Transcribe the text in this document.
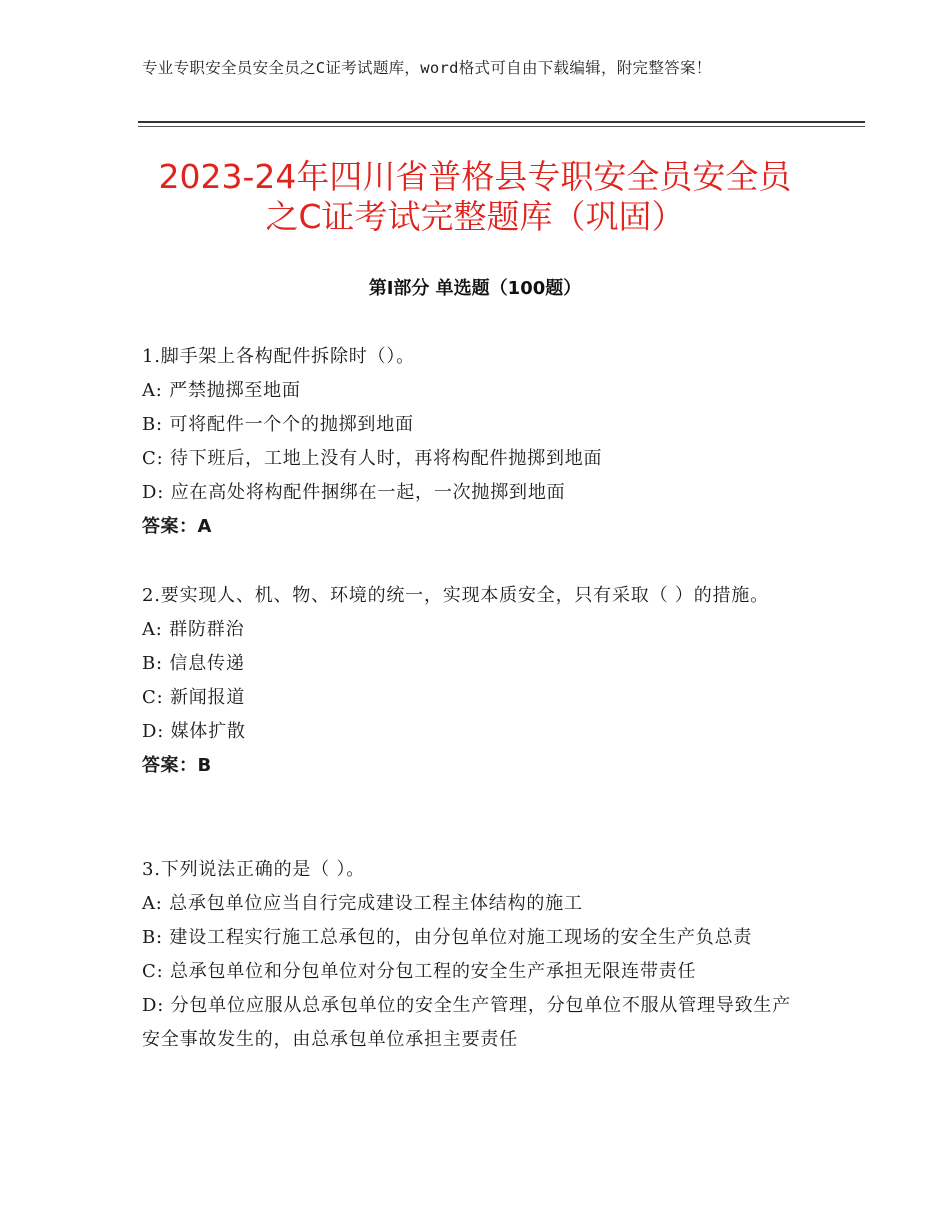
专业专职安全员安全员之C证考试题库，word格式可自由下载编辑，附完整答案！
2023-24年四川省普格县专职安全员安全员
之C证考试完整题库（巩固）
第Ⅰ部分 单选题（100题）
1.脚手架上各构配件拆除时（）。
A: 严禁抛掷至地面
B: 可将配件一个个的抛掷到地面
C: 待下班后，工地上没有人时，再将构配件抛掷到地面
D: 应在高处将构配件捆绑在一起，一次抛掷到地面
答案：A
2.要实现人、机、物、环境的统一，实现本质安全，只有采取（ ）的措施。
A: 群防群治
B: 信息传递
C: 新闻报道
D: 媒体扩散
答案：B
3.下列说法正确的是（ ）。
A: 总承包单位应当自行完成建设工程主体结构的施工
B: 建设工程实行施工总承包的，由分包单位对施工现场的安全生产负总责
C: 总承包单位和分包单位对分包工程的安全生产承担无限连带责任
D: 分包单位应服从总承包单位的安全生产管理，分包单位不服从管理导致生产安全事故发生的，由总承包单位承担主要责任
